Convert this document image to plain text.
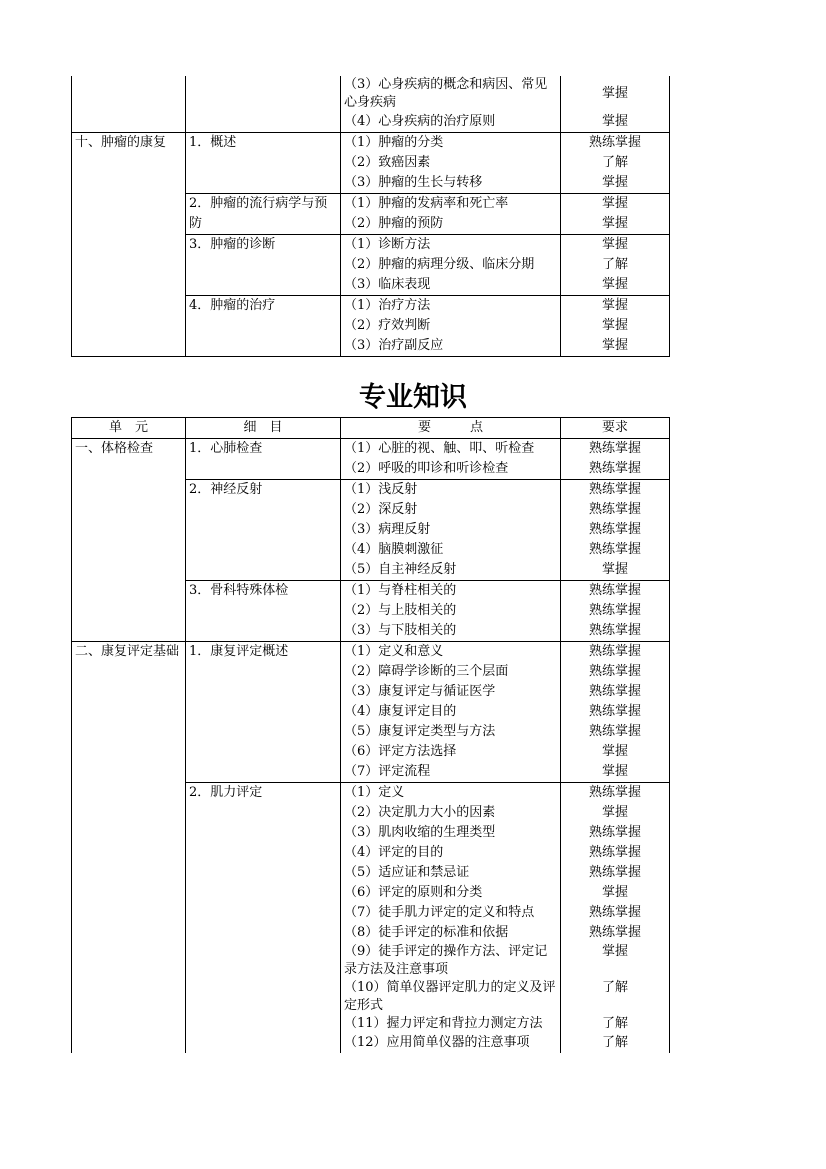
		（3）心身疾病的概念和病因、常见心身疾病	掌握
		（4）心身疾病的治疗原则	掌握
十、肿瘤的康复	1．概述	（1）肿瘤的分类	熟练掌握
		（2）致癌因素	了解
		（3）肿瘤的生长与转移	掌握
	2．肿瘤的流行病学与预防	（1）肿瘤的发病率和死亡率	掌握
		（2）肿瘤的预防	掌握
	3．肿瘤的诊断	（1）诊断方法	掌握
		（2）肿瘤的病理分级、临床分期	了解
		（3）临床表现	掌握
	4．肿瘤的治疗	（1）治疗方法	掌握
		（2）疗效判断	掌握
		（3）治疗副反应	掌握
专业知识
单　元	细　目	要　　　点	要求
一、体格检查	1．心肺检查	（1）心脏的视、触、叩、听检查	熟练掌握
		（2）呼吸的叩诊和听诊检查	熟练掌握
	2．神经反射	（1）浅反射	熟练掌握
		（2）深反射	熟练掌握
		（3）病理反射	熟练掌握
		（4）脑膜刺激征	熟练掌握
		（5）自主神经反射	掌握
	3．骨科特殊体检	（1）与脊柱相关的	熟练掌握
		（2）与上肢相关的	熟练掌握
		（3）与下肢相关的	熟练掌握
二、康复评定基础	1．康复评定概述	（1）定义和意义	熟练掌握
		（2）障碍学诊断的三个层面	熟练掌握
		（3）康复评定与循证医学	熟练掌握
		（4）康复评定目的	熟练掌握
		（5）康复评定类型与方法	熟练掌握
		（6）评定方法选择	掌握
		（7）评定流程	掌握
	2．肌力评定	（1）定义	熟练掌握
		（2）决定肌力大小的因素	掌握
		（3）肌肉收缩的生理类型	熟练掌握
		（4）评定的目的	熟练掌握
		（5）适应证和禁忌证	熟练掌握
		（6）评定的原则和分类	掌握
		（7）徒手肌力评定的定义和特点	熟练掌握
		（8）徒手评定的标准和依据	熟练掌握
		（9）徒手评定的操作方法、评定记录方法及注意事项	掌握
		（10）简单仪器评定肌力的定义及评定形式	了解
		（11）握力评定和背拉力测定方法	了解
		（12）应用简单仪器的注意事项	了解
